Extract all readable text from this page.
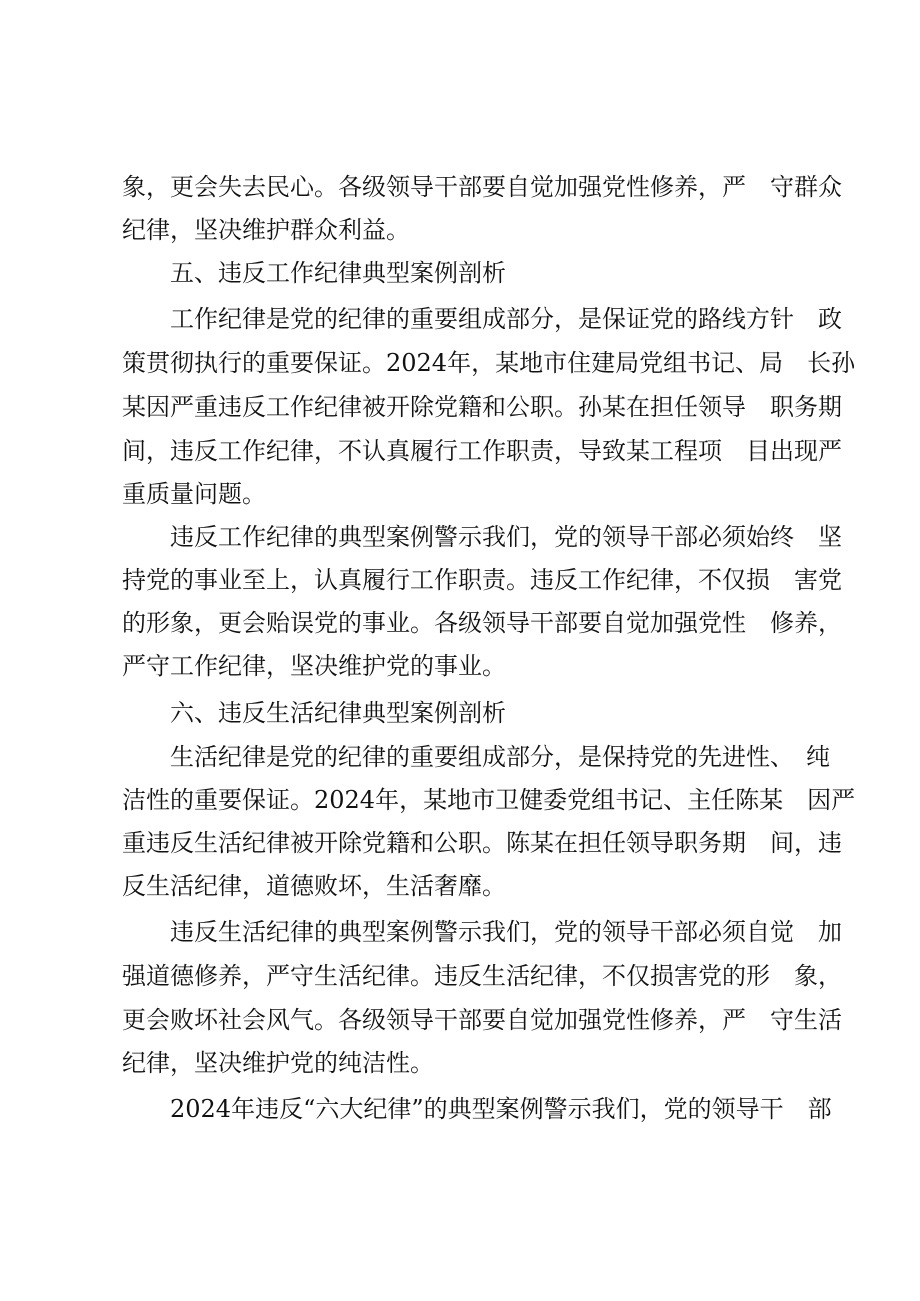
象，更会失去民心。各级领导干部要自觉加强党性修养，严　守群众
纪律，坚决维护群众利益。
五、违反工作纪律典型案例剖析
工作纪律是党的纪律的重要组成部分，是保证党的路线方针　政
策贯彻执行的重要保证。2024年，某地市住建局党组书记、局　长孙
某因严重违反工作纪律被开除党籍和公职。孙某在担任领导　职务期
间，违反工作纪律，不认真履行工作职责，导致某工程项　目出现严
重质量问题。
违反工作纪律的典型案例警示我们，党的领导干部必须始终　坚
持党的事业至上，认真履行工作职责。违反工作纪律，不仅损　害党
的形象，更会贻误党的事业。各级领导干部要自觉加强党性　修养，
严守工作纪律，坚决维护党的事业。
六、违反生活纪律典型案例剖析
生活纪律是党的纪律的重要组成部分，是保持党的先进性、　纯
洁性的重要保证。2024年，某地市卫健委党组书记、主任陈某　因严
重违反生活纪律被开除党籍和公职。陈某在担任领导职务期　间，违
反生活纪律，道德败坏，生活奢靡。
违反生活纪律的典型案例警示我们，党的领导干部必须自觉　加
强道德修养，严守生活纪律。违反生活纪律，不仅损害党的形　象，
更会败坏社会风气。各级领导干部要自觉加强党性修养，严　守生活
纪律，坚决维护党的纯洁性。
2024年违反“六大纪律”的典型案例警示我们，党的领导干　部
